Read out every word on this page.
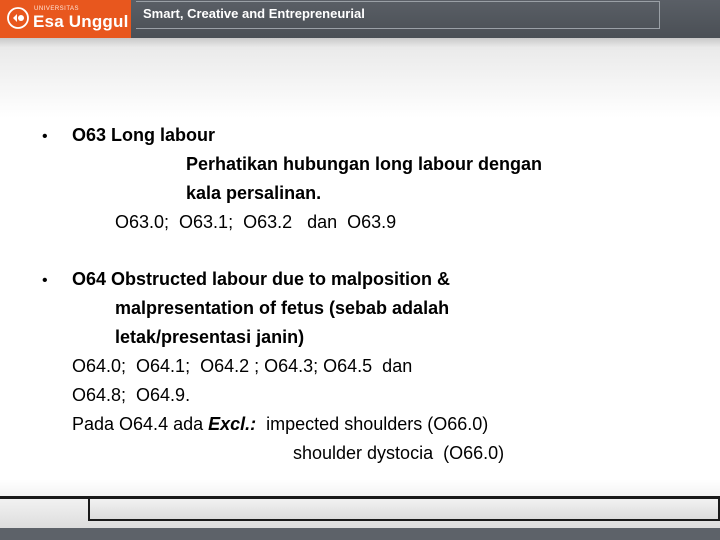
UNIVERSITAS
Esa Unggul Smart, Creative and Entrepreneurial
• O63 Long labour
Perhatikan hubungan long labour dengan
kala persalinan.
O63.0;  O63.1;  O63.2   dan  O63.9
• O64 Obstructed labour due to malposition &
malpresentation of fetus (sebab adalah
letak/presentasi janin)
O64.0;  O64.1;  O64.2 ; O64.3; O64.5  dan
O64.8;  O64.9.
Pada O64.4 ada Excl.: impected shoulders (O66.0)
shoulder dystocia  (O66.0)
